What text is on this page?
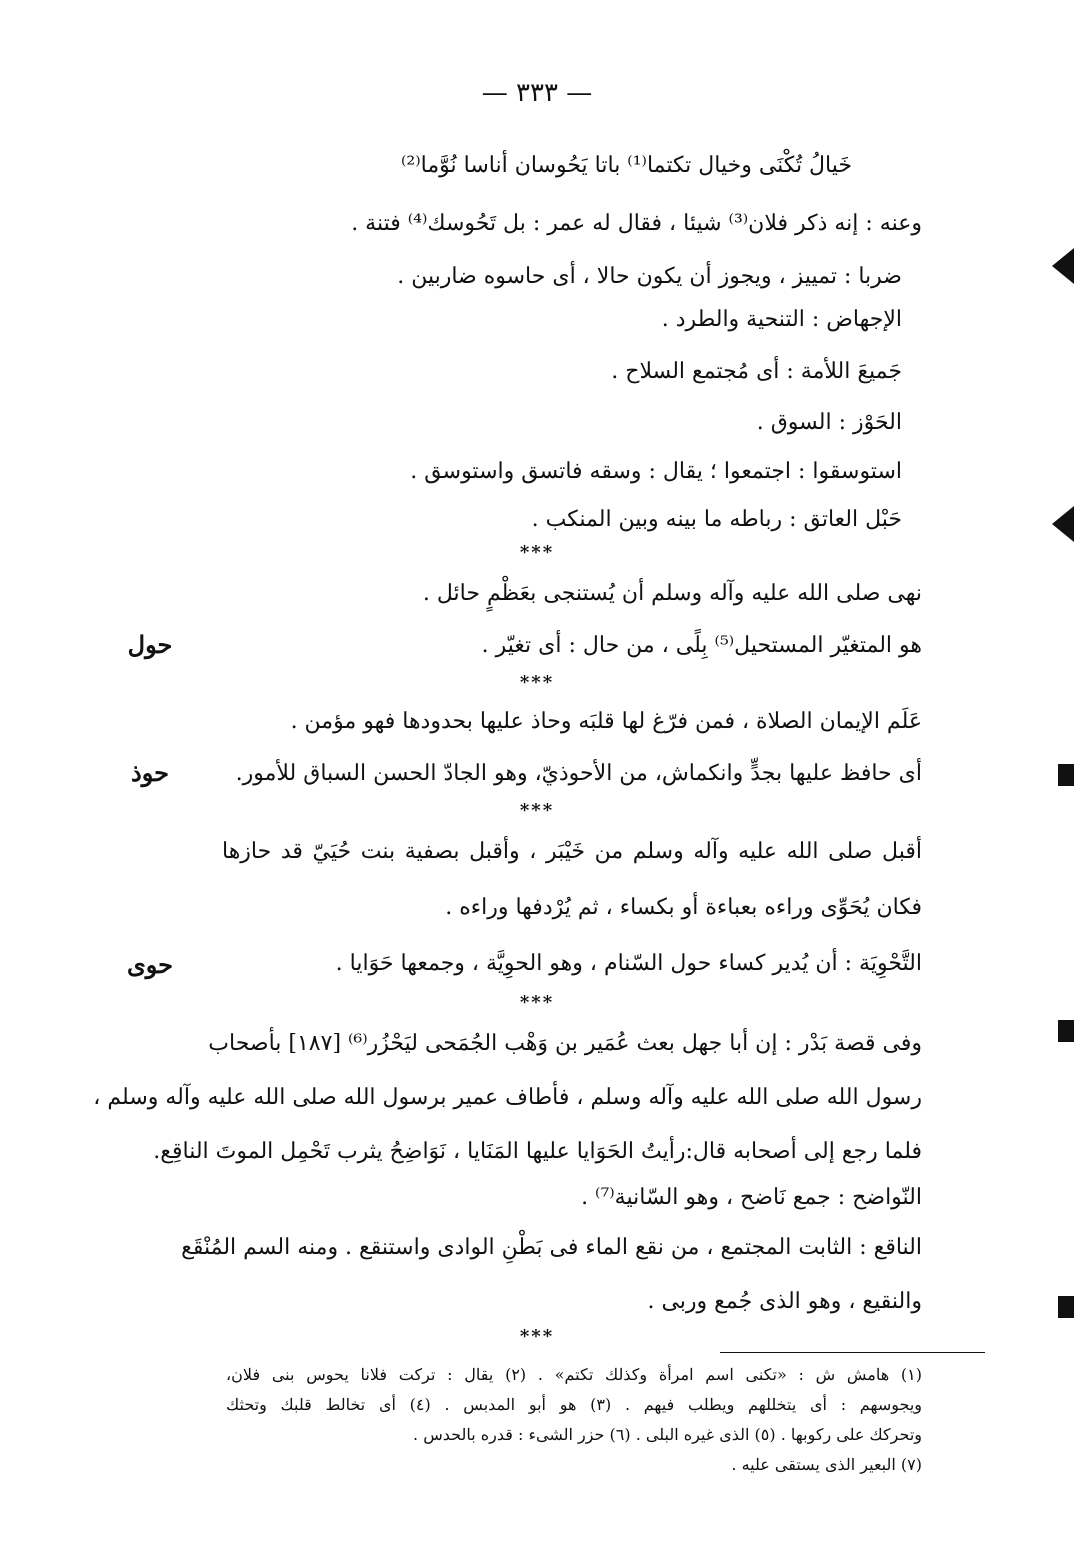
— ٣٣٣ —
خَيالُ تُكْنَى وخيال تكتما⁽¹⁾ باتا يَحُوسان أناسا نُوَّما⁽²⁾
وعنه : إنه ذكر فلان⁽³⁾ شيئا ، فقال له عمر : بل تَحُوسك⁽⁴⁾ فتنة .
ضربا : تمييز ، ويجوز أن يكون حالا ، أى حاسوه ضاربين .
الإجهاض : التنحية والطرد .
جَميعَ اللأمة : أى مُجتمع السلاح .
الحَوْز : السوق .
استوسقوا : اجتمعوا ؛ يقال : وسقه فاتسق واستوسق .
حَبْل العاتق : رباطه ما بينه وبين المنكب .
***
نهى صلى الله عليه وآله وسلم أن يُستنجى بعَظْمٍ حائل .
هو المتغيّر المستحيل⁽⁵⁾ بِلًى ، من حال : أى تغيّر .
حول
***
عَلَم الإيمان الصلاة ، فمن فرّغ لها قلبَه وحاذ عليها بحدودها فهو مؤمن .
أى حافظ عليها بجدٍّ وانكماش، من الأحوذيّ، وهو الجادّ الحسن السباق للأمور.
حوذ
***
أقبل صلى الله عليه وآله وسلم من خَيْبَر ، وأقبل بصفية بنت حُيَيّ قد حازها
فكان يُحَوِّى وراءه بعباءة أو بكساء ، ثم يُرْدفها وراءه .
التَّحْوِيَة : أن يُدير كساء حول السّنام ، وهو الحوِيَّة ، وجمعها حَوَايا .
حوى
***
وفى قصة بَدْر : إن أبا جهل بعث عُمَير بن وَهْب الجُمَحى ليَحْزُر⁽⁶⁾ [١٨٧] بأصحاب
رسول الله صلى الله عليه وآله وسلم ، فأطاف عمير برسول الله صلى الله عليه وآله وسلم ،
فلما رجع إلى أصحابه قال:رأيتُ الحَوَايا عليها المَنَايا ، نَوَاضِحُ يثرب تَحْمِل الموتَ الناقِع.
النّواضح : جمع نَاضح ، وهو السّانية⁽⁷⁾ .
الناقع : الثابت المجتمع ، من نقع الماء فى بَطْنِ الوادى واستنقع . ومنه السم المُنْقَع
والنقيع ، وهو الذى جُمع وربى .
***
(١) هامش ش : «تكنى اسم امرأة وكذلك تكتم» . (٢) يقال : تركت فلانا يحوس بنى فلان،
ويجوسهم : أى يتخللهم ويطلب فيهم . (٣) هو أبو المدبس . (٤) أى تخالط قلبك وتحثك
وتحركك على ركوبها . (٥) الذى غيره البلى . (٦) حزر الشىء : قدره بالحدس .
(٧) البعير الذى يستقى عليه .
